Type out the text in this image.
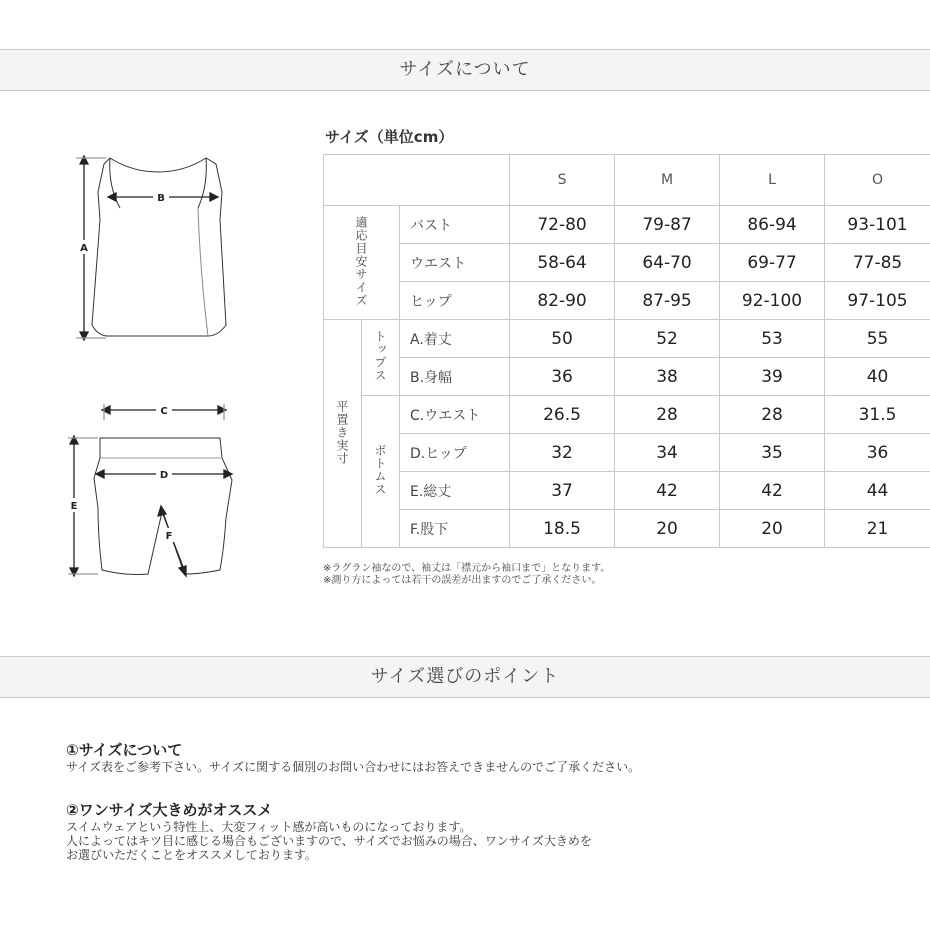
サイズについて
B
A
C
D
E
F
サイズ（単位cm）
			S	M	L	O
適応目安サイズ		バスト	72-80	79-87	86-94	93-101
		ウエスト	58-64	64-70	69-77	77-85
		ヒップ	82-90	87-95	92-100	97-105
平置き実寸	トップス	A.着丈	50	52	53	55
		B.身幅	36	38	39	40
	ボトムス	C.ウエスト	26.5	28	28	31.5
		D.ヒップ	32	34	35	36
		E.総丈	37	42	42	44
		F.股下	18.5	20	20	21
※ラグラン袖なので、袖丈は「襟元から袖口まで」となります。
※測り方によっては若干の誤差が出ますのでご了承ください。
サイズ選びのポイント
①サイズについて
サイズ表をご参考下さい。サイズに関する個別のお問い合わせにはお答えできませんのでご了承ください。
②ワンサイズ大きめがオススメ
スイムウェアという特性上、大変フィット感が高いものになっております。
人によってはキツ目に感じる場合もございますので、サイズでお悩みの場合、ワンサイズ大きめを
お選びいただくことをオススメしております。
